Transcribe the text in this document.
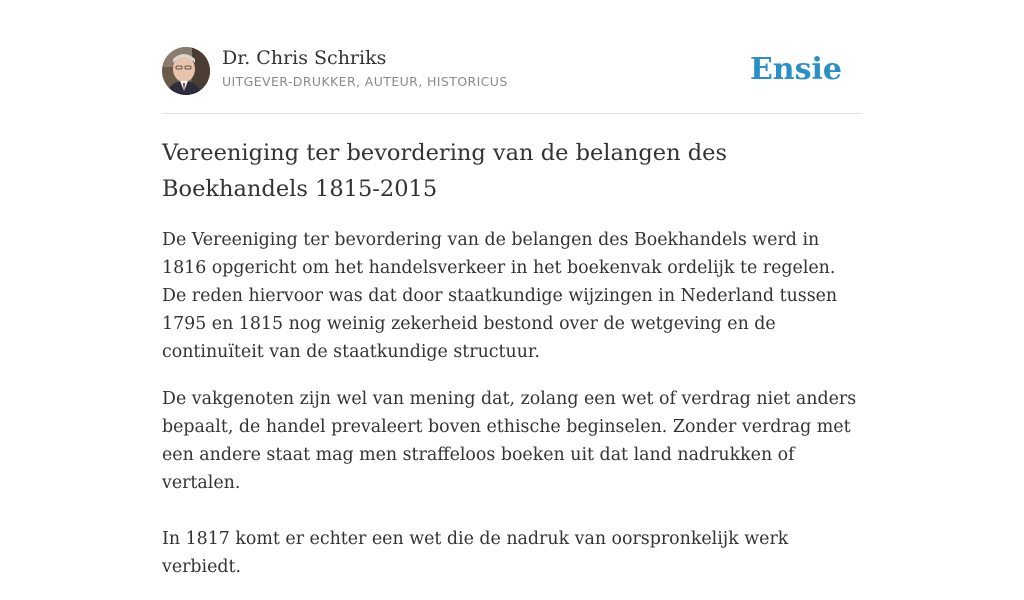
Dr. Chris Schriks
UITGEVER-DRUKKER, AUTEUR, HISTORICUS	Ensie
Vereeniging ter bevordering van de belangen des Boekhandels 1815-2015

De Vereeniging ter bevordering van de belangen des Boekhandels werd in 1816 opgericht om het handelsverkeer in het boekenvak ordelijk te regelen. De reden hiervoor was dat door staatkundige wijzingen in Nederland tussen 1795 en 1815 nog weinig zekerheid bestond over de wetgeving en de continuïteit van de staatkundige structuur.

De vakgenoten zijn wel van mening dat, zolang een wet of verdrag niet anders bepaalt, de handel prevaleert boven ethische beginselen. Zonder verdrag met een andere staat mag men straffeloos boeken uit dat land nadrukken of vertalen.

In 1817 komt er echter een wet die de nadruk van oorspronkelijk werk verbiedt.
